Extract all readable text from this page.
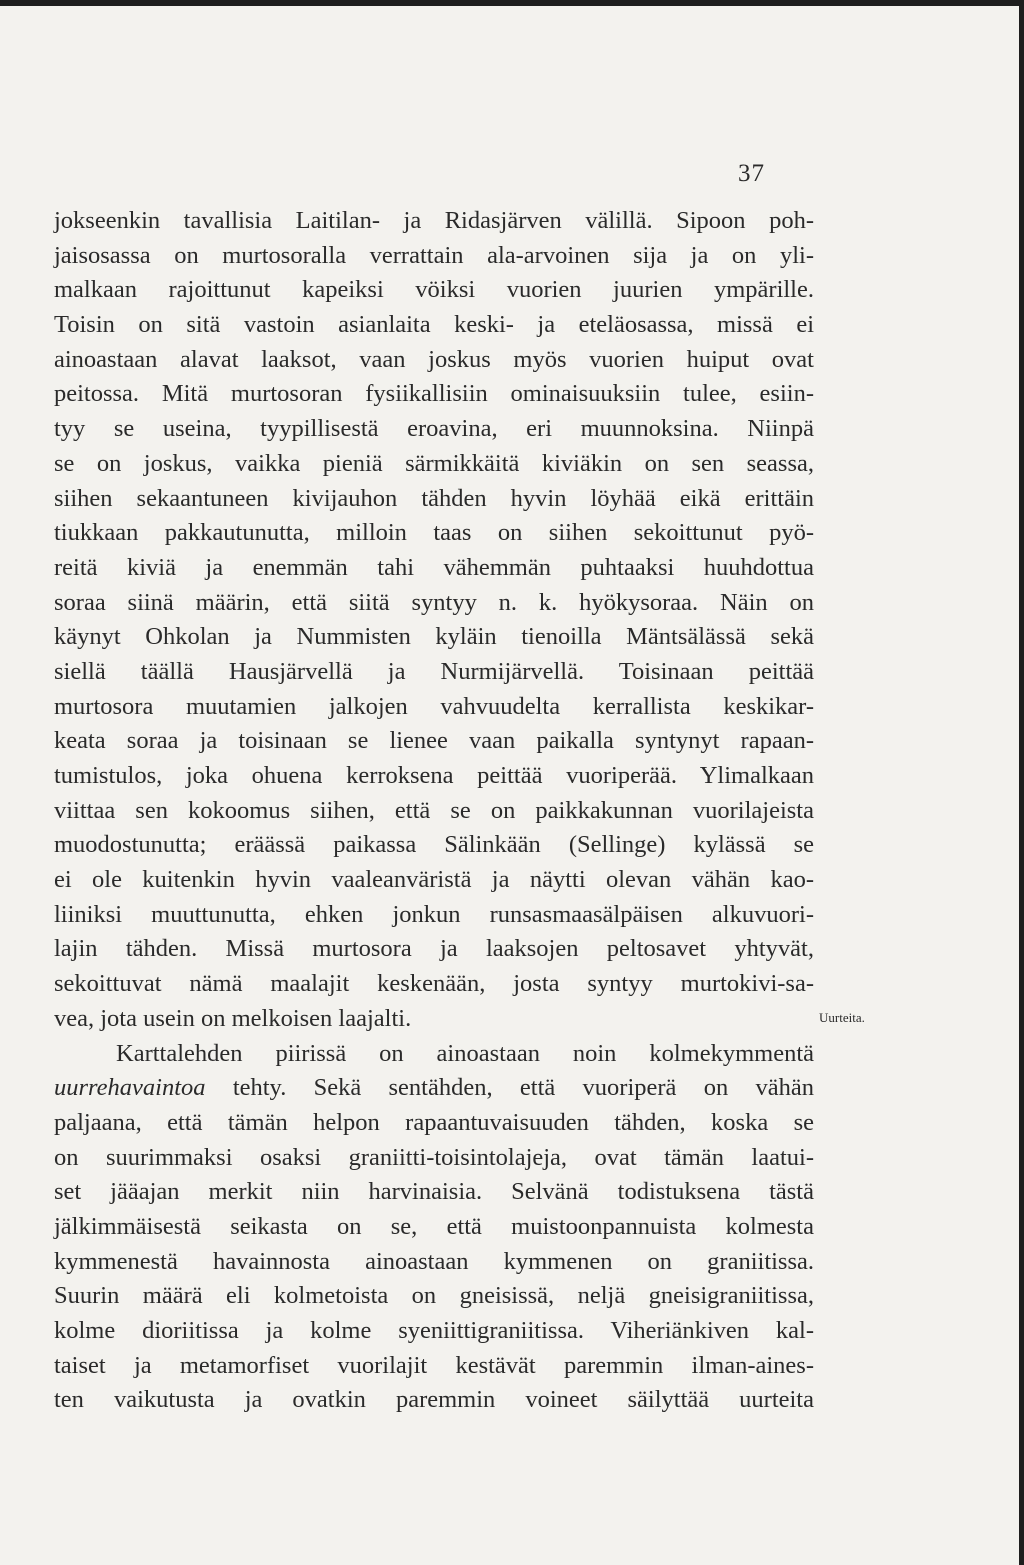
37
jokseenkin tavallisia Laitilan- ja Ridasjärven välillä. Sipoon poh-
jaisosassa on murtosoralla verrattain ala-arvoinen sija ja on yli-
malkaan rajoittunut kapeiksi vöiksi vuorien juurien ympärille.
Toisin on sitä vastoin asianlaita keski- ja eteläosassa, missä ei
ainoastaan alavat laaksot, vaan joskus myös vuorien huiput ovat
peitossa. Mitä murtosoran fysiikallisiin ominaisuuksiin tulee, esiin-
tyy se useina, tyypillisestä eroavina, eri muunnoksina. Niinpä
se on joskus, vaikka pieniä särmikkäitä kiviäkin on sen seassa,
siihen sekaantuneen kivijauhon tähden hyvin löyhää eikä erittäin
tiukkaan pakkautunutta, milloin taas on siihen sekoittunut pyö-
reitä kiviä ja enemmän tahi vähemmän puhtaaksi huuhdottua
soraa siinä määrin, että siitä syntyy n. k. hyökysoraa. Näin on
käynyt Ohkolan ja Nummisten kyläin tienoilla Mäntsälässä sekä
siellä täällä Hausjärvellä ja Nurmijärvellä. Toisinaan peittää
murtosora muutamien jalkojen vahvuudelta kerrallista keskikar-
keata soraa ja toisinaan se lienee vaan paikalla syntynyt rapaan-
tumistulos, joka ohuena kerroksena peittää vuoriperää. Ylimalkaan
viittaa sen kokoomus siihen, että se on paikkakunnan vuorilajeista
muodostunutta; eräässä paikassa Sälinkään (Sellinge) kylässä se
ei ole kuitenkin hyvin vaaleanväristä ja näytti olevan vähän kao-
liiniksi muuttunutta, ehken jonkun runsasmaasälpäisen alkuvuori-
lajin tähden. Missä murtosora ja laaksojen peltosavet yhtyvät,
sekoittuvat nämä maalajit keskenään, josta syntyy murtokivi-sa-
vea, jota usein on melkoisen laajalti.
Karttalehden piirissä on ainoastaan noin kolmekymmentä
uurrehavaintoa tehty. Sekä sentähden, että vuoriperä on vähän
paljaana, että tämän helpon rapaantuvaisuuden tähden, koska se
on suurimmaksi osaksi graniitti-toisintolajeja, ovat tämän laatui-
set jääajan merkit niin harvinaisia. Selvänä todistuksena tästä
jälkimmäisestä seikasta on se, että muistoonpannuista kolmesta
kymmenestä havainnosta ainoastaan kymmenen on graniitissa.
Suurin määrä eli kolmetoista on gneisissä, neljä gneisigraniitissa,
kolme dioriitissa ja kolme syeniittigraniitissa. Viheriänkiven kal-
taiset ja metamorfiset vuorilajit kestävät paremmin ilman-aines-
ten vaikutusta ja ovatkin paremmin voineet säilyttää uurteita
Uurteita.
